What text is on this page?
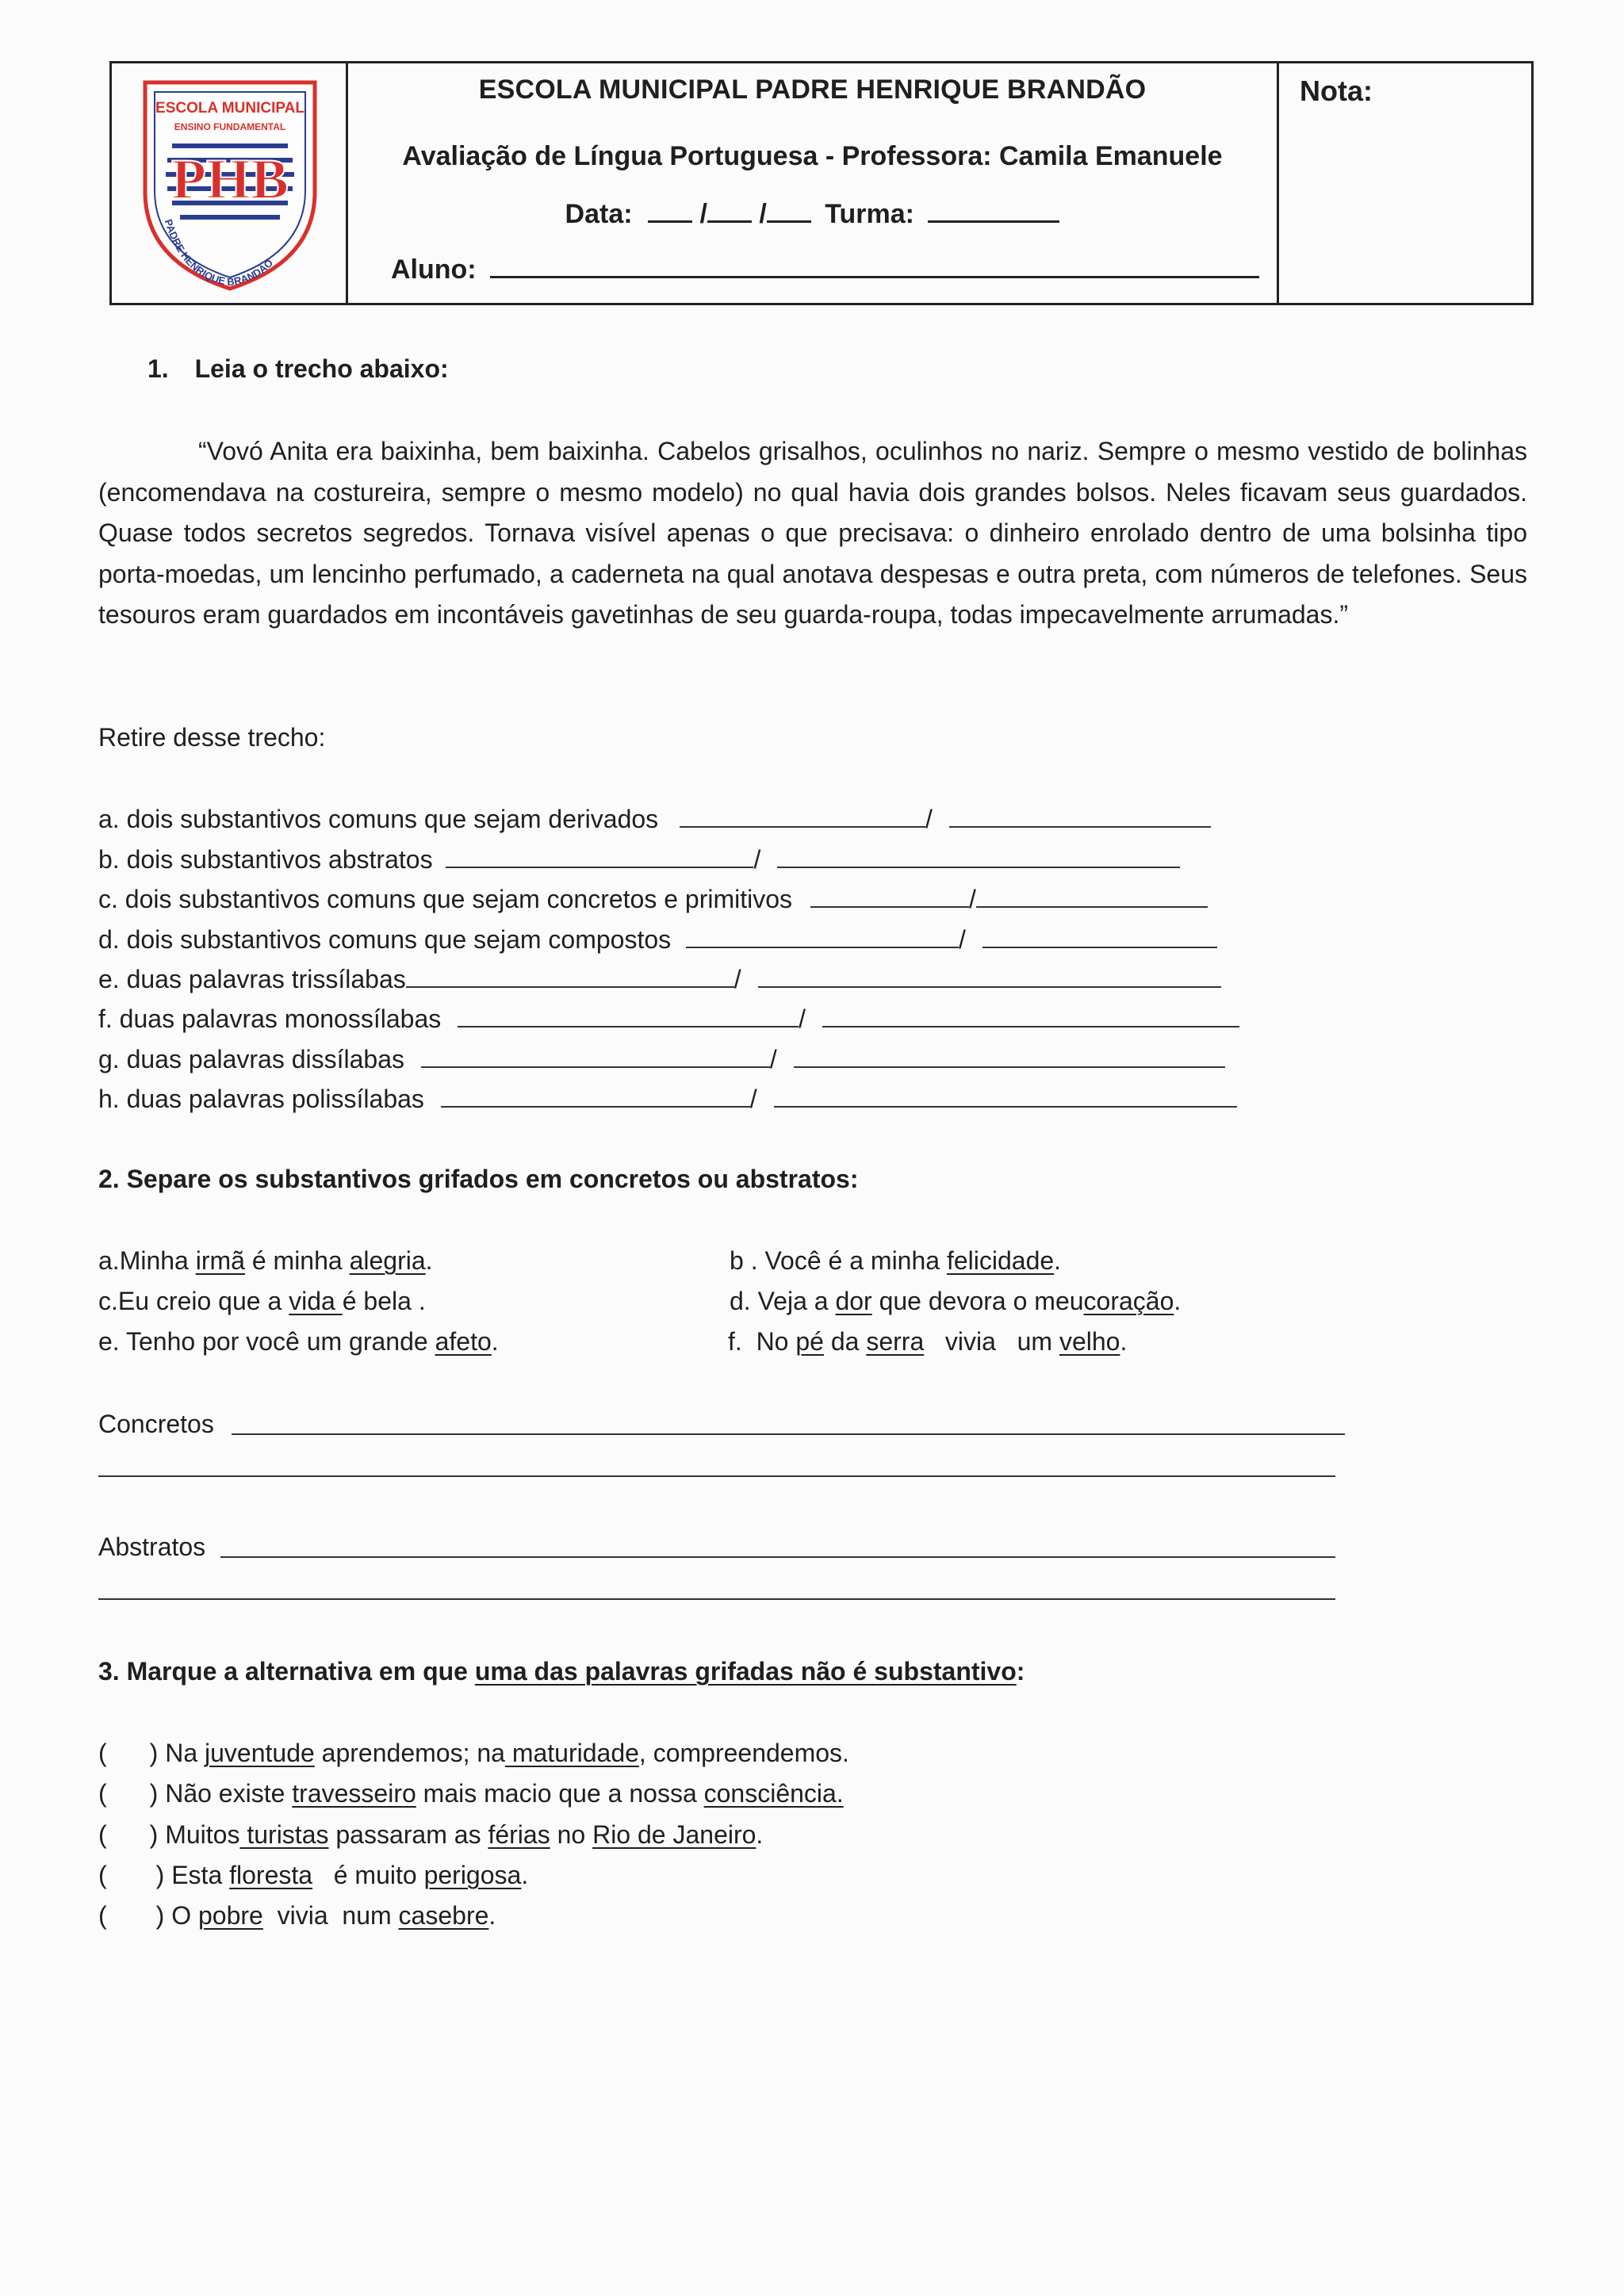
ESCOLA MUNICIPAL
ENSINO FUNDAMENTAL
PHB
PADRE HENRIQUE BRANDÃO
ESCOLA MUNICIPAL PADRE HENRIQUE BRANDÃO
Avaliação de Língua Portuguesa - Professora: Camila Emanuele
Data:  / / Turma:
Aluno:
Nota:
1. Leia o trecho abaixo:
“Vovó Anita era baixinha, bem baixinha. Cabelos grisalhos, oculinhos no nariz. Sempre o mesmo vestido de bolinhas (encomendava na costureira, sempre o mesmo modelo) no qual havia dois grandes bolsos. Neles ficavam seus guardados. Quase todos secretos segredos. Tornava visível apenas o que precisava: o dinheiro enrolado dentro de uma bolsinha tipo porta-moedas, um lencinho perfumado, a caderneta na qual anotava despesas e outra preta, com números de telefones. Seus tesouros eram guardados em incontáveis gavetinhas de seu guarda-roupa, todas impecavelmente arrumadas.”
Retire desse trecho:
a. dois substantivos comuns que sejam derivados	/
b. dois substantivos abstratos	/
c. dois substantivos comuns que sejam concretos e primitivos	/
d. dois substantivos comuns que sejam compostos	/
e. duas palavras trissílabas	/
f. duas palavras monossílabas	/
g. duas palavras dissílabas	/
h. duas palavras polissílabas	/
2. Separe os substantivos grifados em concretos ou abstratos:
a.Minha irmã é minha alegria.	b . Você é a minha felicidade.
c.Eu creio que a vida é bela .	d. Veja a dor que devora o meucoração.
e. Tenho por você um grande afeto.	f.  No pé da serra   vivia   um velho.
Concretos
Abstratos
3. Marque a alternativa em que uma das palavras grifadas não é substantivo:
( ) Na juventude aprendemos; na maturidade, compreendemos.
( ) Não existe travesseiro mais macio que a nossa consciência.
( ) Muitos turistas passaram as férias no Rio de Janeiro.
( ) Esta floresta   é muito perigosa.
( ) O pobre  vivia  num casebre.
